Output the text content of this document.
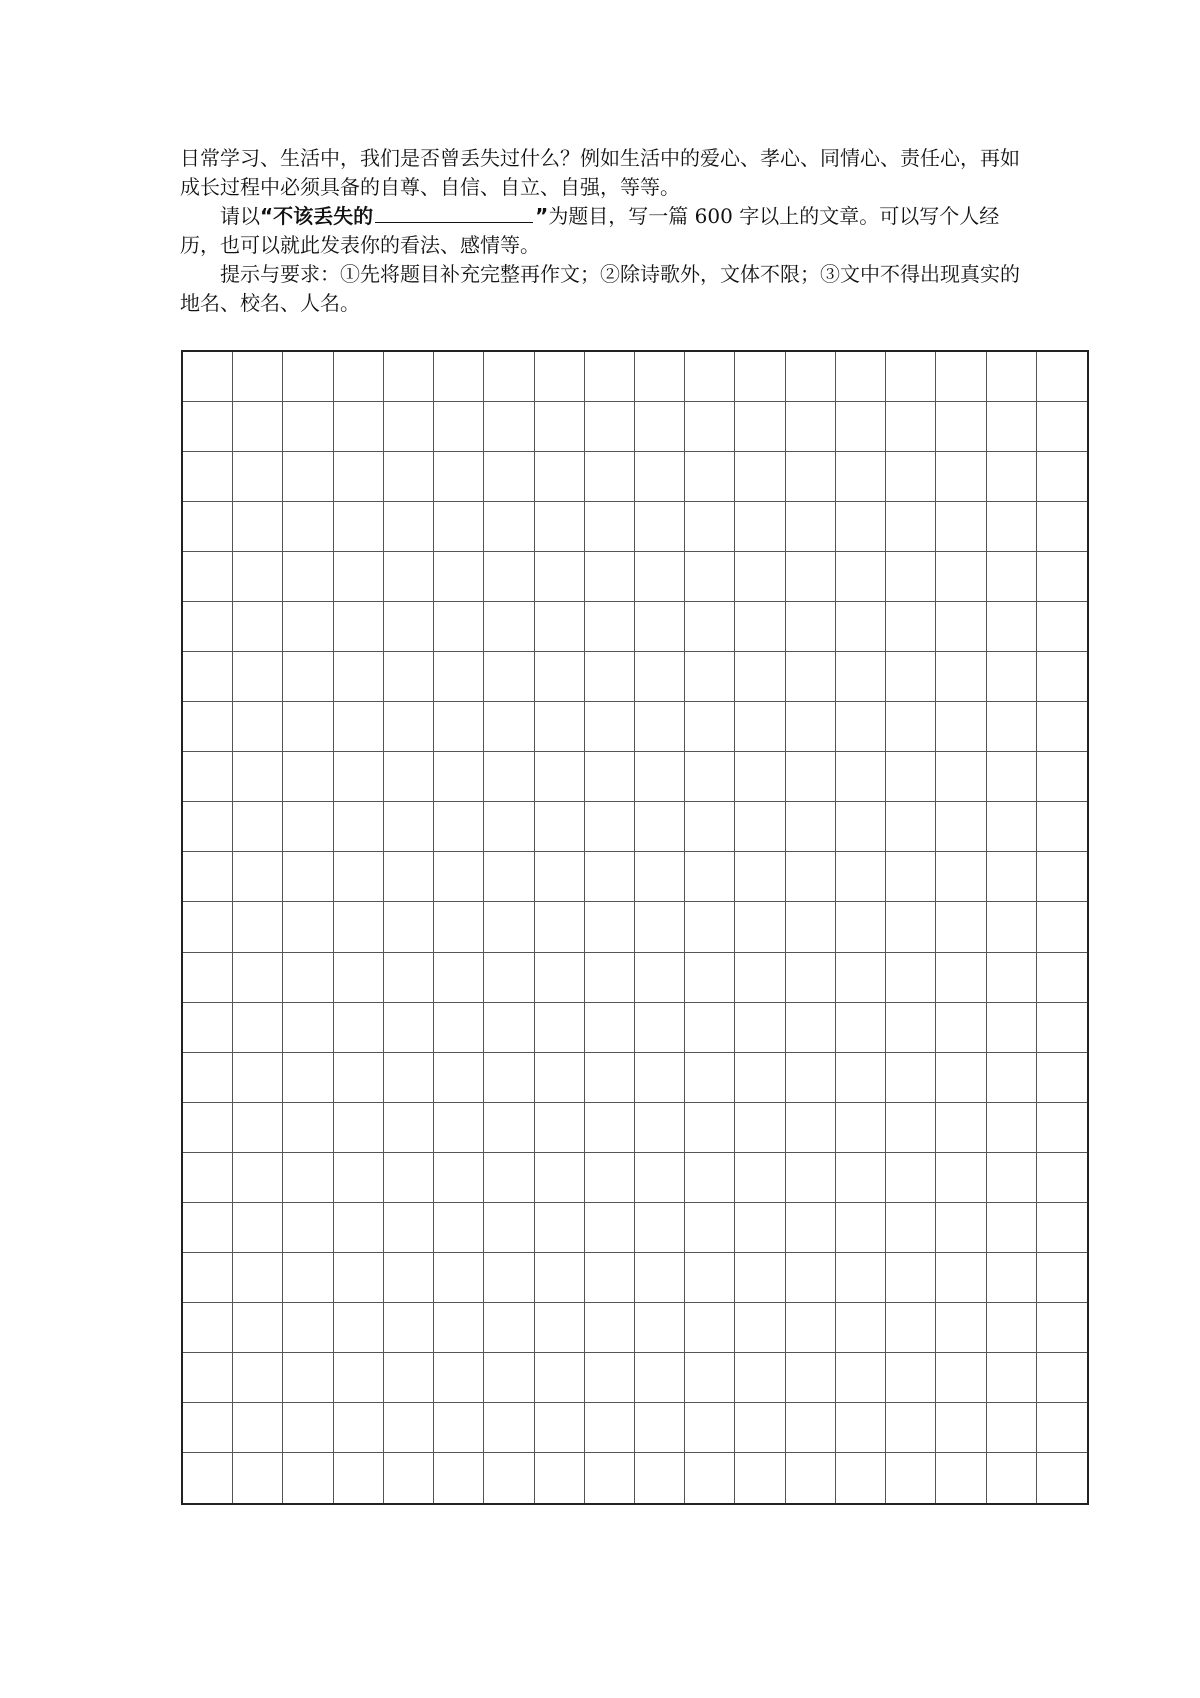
日常学习、生活中，我们是否曾丢失过什么？例如生活中的爱心、孝心、同情心、责任心，再如成长过程中必须具备的自尊、自信、自立、自强，等等。

请以“不该丢失的	”为题目，写一篇 600 字以上的文章。可以写个人经历，也可以就此发表你的看法、感情等。

提示与要求：①先将题目补充完整再作文；②除诗歌外，文体不限；③文中不得出现真实的地名、校名、人名。
